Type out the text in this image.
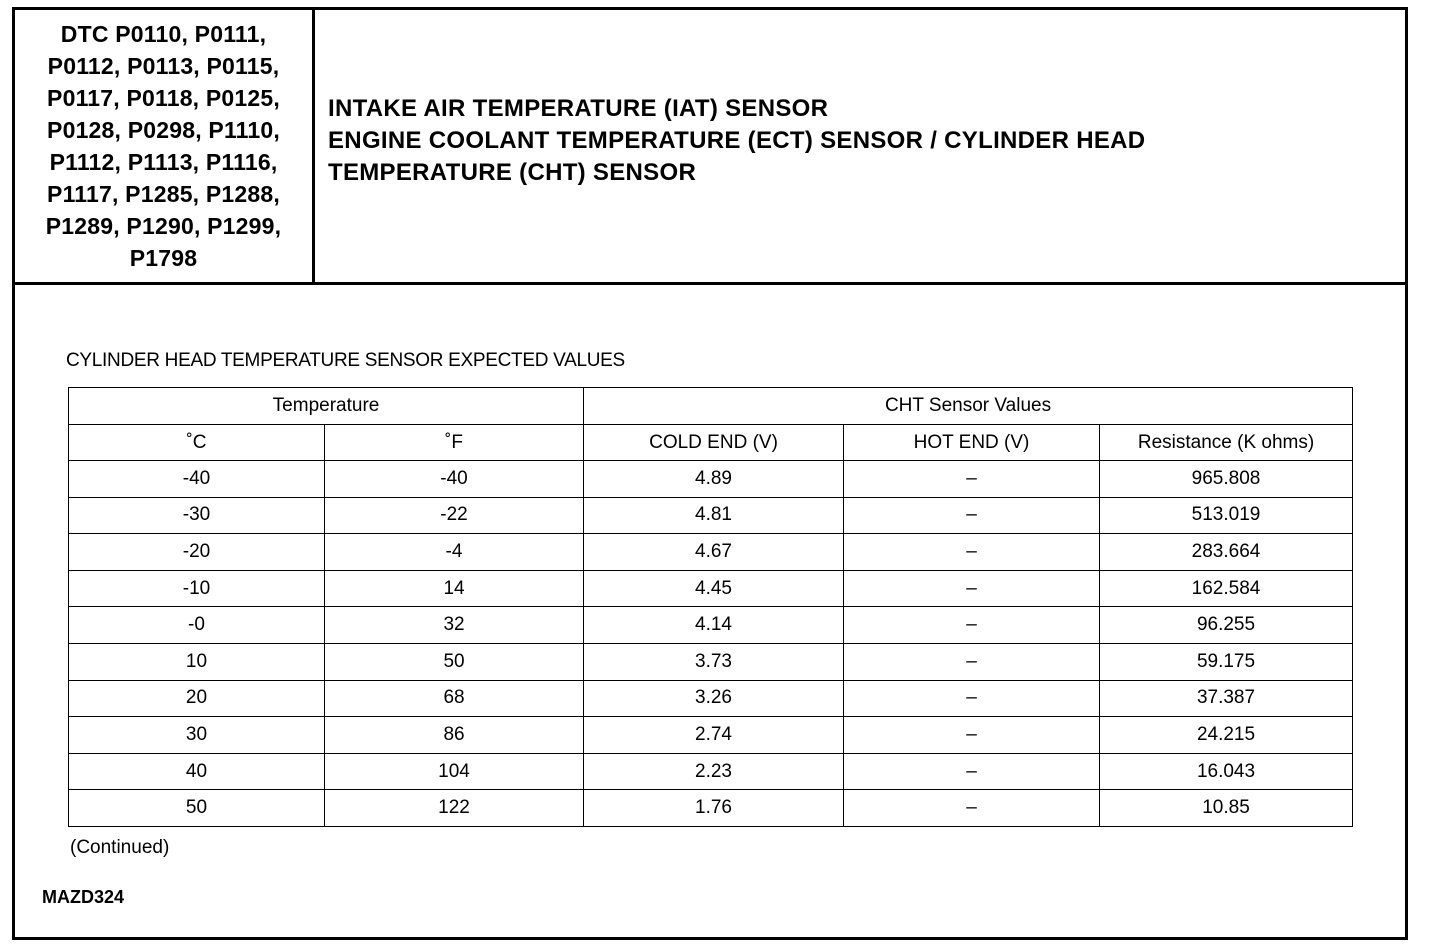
DTC P0110, P0111,
P0112, P0113, P0115,
P0117, P0118, P0125,
P0128, P0298, P1110,
P1112, P1113, P1116,
P1117, P1285, P1288,
P1289, P1290, P1299,
P1798
INTAKE AIR TEMPERATURE (IAT) SENSOR
ENGINE COOLANT TEMPERATURE (ECT) SENSOR / CYLINDER HEAD
TEMPERATURE (CHT) SENSOR
CYLINDER HEAD TEMPERATURE SENSOR EXPECTED VALUES
Temperature		CHT Sensor Values		
˚C	˚F	COLD END (V)	HOT END (V)	Resistance (K ohms)
-40	-40	4.89	–	965.808
-30	-22	4.81	–	513.019
-20	-4	4.67	–	283.664
-10	14	4.45	–	162.584
-0	32	4.14	–	96.255
10	50	3.73	–	59.175
20	68	3.26	–	37.387
30	86	2.74	–	24.215
40	104	2.23	–	16.043
50	122	1.76	–	10.85
(Continued)
MAZD324
